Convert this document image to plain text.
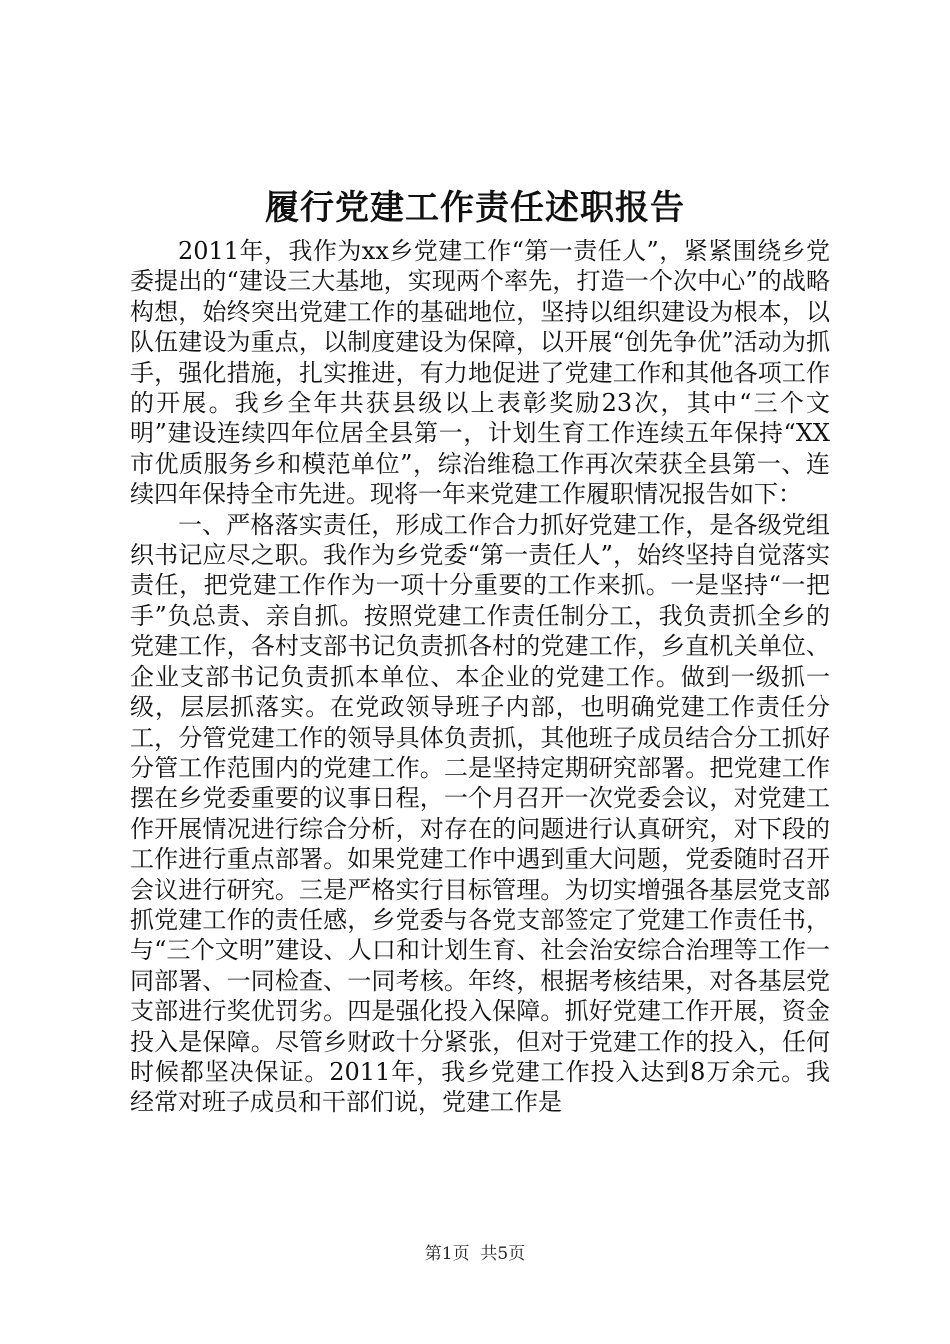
履行党建工作责任述职报告

2011年，我作为xx乡党建工作“第一责任人”，紧紧围绕乡党委提出的“建设三大基地，实现两个率先，打造一个次中心”的战略构想，始终突出党建工作的基础地位，坚持以组织建设为根本，以队伍建设为重点，以制度建设为保障，以开展“创先争优”活动为抓手，强化措施，扎实推进，有力地促进了党建工作和其他各项工作的开展。我乡全年共获县级以上表彰奖励23次，其中“三个文明”建设连续四年位居全县第一，计划生育工作连续五年保持“XX市优质服务乡和模范单位”，综治维稳工作再次荣获全县第一、连续四年保持全市先进。现将一年来党建工作履职情况报告如下：

一、严格落实责任，形成工作合力抓好党建工作，是各级党组织书记应尽之职。我作为乡党委“第一责任人”，始终坚持自觉落实责任，把党建工作作为一项十分重要的工作来抓。一是坚持“一把手”负总责、亲自抓。按照党建工作责任制分工，我负责抓全乡的党建工作，各村支部书记负责抓各村的党建工作，乡直机关单位、企业支部书记负责抓本单位、本企业的党建工作。做到一级抓一级，层层抓落实。在党政领导班子内部，也明确党建工作责任分工，分管党建工作的领导具体负责抓，其他班子成员结合分工抓好分管工作范围内的党建工作。二是坚持定期研究部署。把党建工作摆在乡党委重要的议事日程，一个月召开一次党委会议，对党建工作开展情况进行综合分析，对存在的问题进行认真研究，对下段的工作进行重点部署。如果党建工作中遇到重大问题，党委随时召开会议进行研究。三是严格实行目标管理。为切实增强各基层党支部抓党建工作的责任感，乡党委与各党支部签定了党建工作责任书，与“三个文明”建设、人口和计划生育、社会治安综合治理等工作一同部署、一同检查、一同考核。年终，根据考核结果，对各基层党支部进行奖优罚劣。四是强化投入保障。抓好党建工作开展，资金投入是保障。尽管乡财政十分紧张，但对于党建工作的投入，任何时候都坚决保证。2011年，我乡党建工作投入达到8万余元。我经常对班子成员和干部们说，党建工作是

第1页 共5页
